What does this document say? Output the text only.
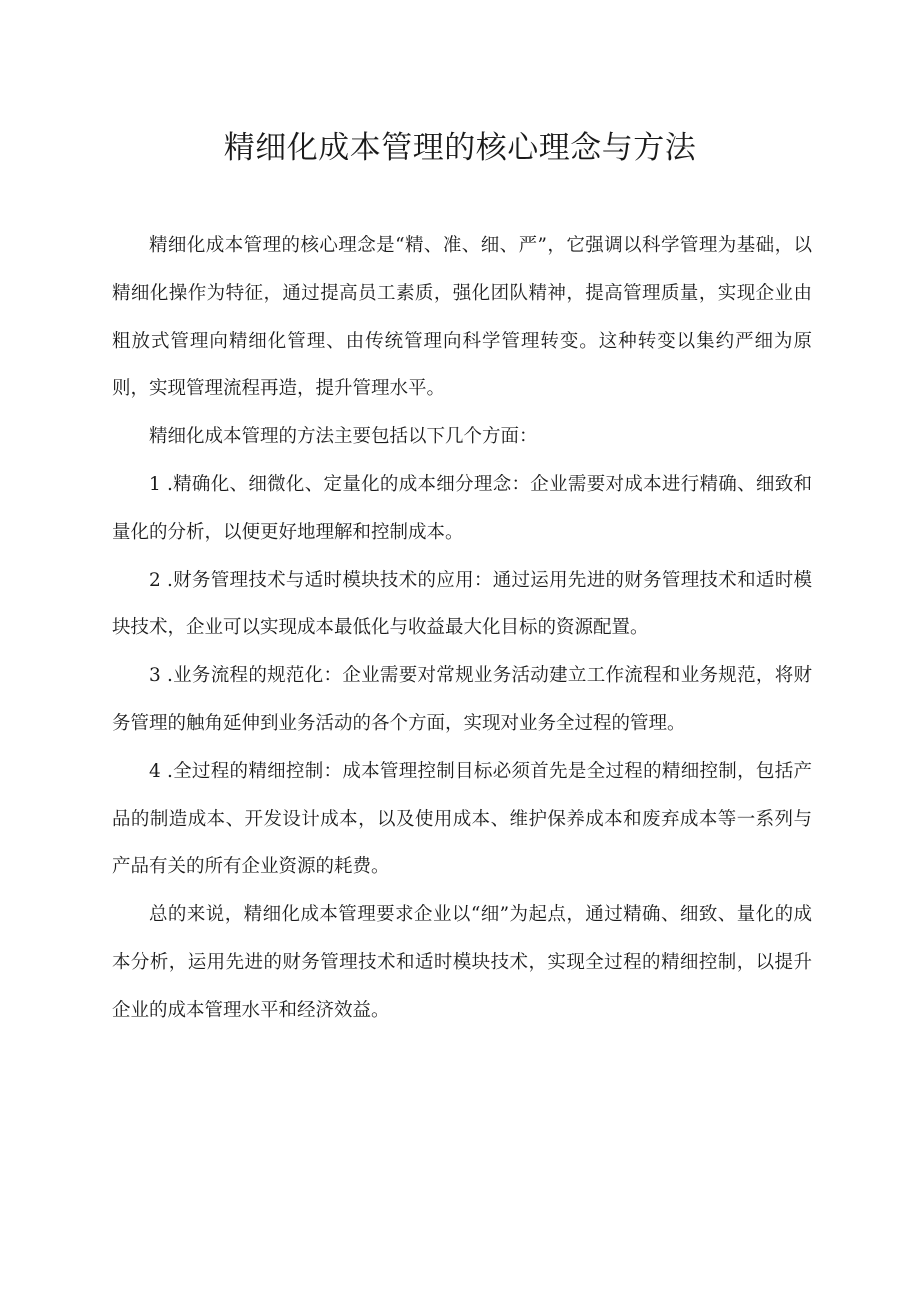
精细化成本管理的核心理念与方法

精细化成本管理的核心理念是“精、准、细、严”，它强调以科学管理为基础，以精细化操作为特征，通过提高员工素质，强化团队精神，提高管理质量，实现企业由粗放式管理向精细化管理、由传统管理向科学管理转变。这种转变以集约严细为原则，实现管理流程再造，提升管理水平。

精细化成本管理的方法主要包括以下几个方面：

1 .精确化、细微化、定量化的成本细分理念：企业需要对成本进行精确、细致和量化的分析，以便更好地理解和控制成本。

2 .财务管理技术与适时模块技术的应用：通过运用先进的财务管理技术和适时模块技术，企业可以实现成本最低化与收益最大化目标的资源配置。

3 .业务流程的规范化：企业需要对常规业务活动建立工作流程和业务规范，将财务管理的触角延伸到业务活动的各个方面，实现对业务全过程的管理。

4 .全过程的精细控制：成本管理控制目标必须首先是全过程的精细控制，包括产品的制造成本、开发设计成本，以及使用成本、维护保养成本和废弃成本等一系列与产品有关的所有企业资源的耗费。

总的来说，精细化成本管理要求企业以“细”为起点，通过精确、细致、量化的成本分析，运用先进的财务管理技术和适时模块技术，实现全过程的精细控制，以提升企业的成本管理水平和经济效益。
